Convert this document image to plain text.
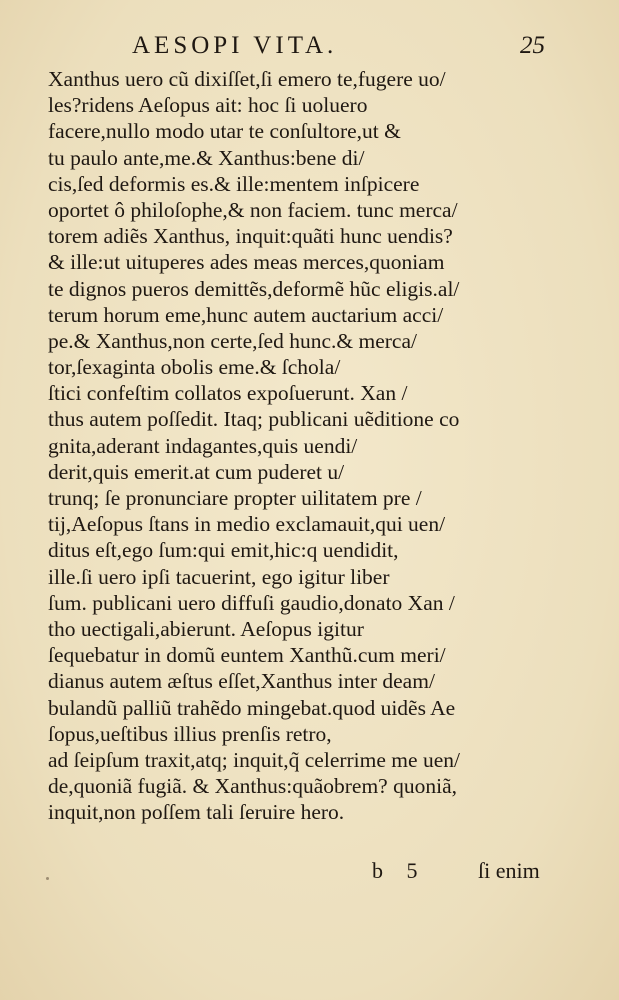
AESOPI VITA.	25
Xanthus uero cũ dixiſſet,ſi emero te,fugere uo/
les?ridens Aeſopus ait: hoc ſi uoluero
facere,nullo modo utar te conſultore,ut &
tu paulo ante,me.& Xanthus:bene di/
cis,ſed deformis es.& ille:mentem inſpicere
oportet ô philoſophe,& non faciem. tunc merca/
torem adiẽs Xanthus, inquit:quãti hunc uendis?
& ille:ut uituperes ades meas merces,quoniam
te dignos pueros demittẽs,deformẽ hũc eligis.al/
terum horum eme,hunc autem auctarium acci/
pe.& Xanthus,non certe,ſed hunc.& merca/
tor,ſexaginta obolis eme.& ſchola/
ſtici confeſtim collatos expoſuerunt. Xan /
thus autem poſſedit. Itaq; publicani uẽditione co
gnita,aderant indagantes,quis uendi/
derit,quis emerit.at cum puderet u/
trunq; ſe pronunciare propter uilitatem pre /
tij,Aeſopus ſtans in medio exclamauit,qui uen/
ditus eſt,ego ſum:qui emit,hic:q uendidit,
ille.ſi uero ipſi tacuerint, ego igitur liber
ſum. publicani uero diffuſi gaudio,donato Xan /
tho uectigali,abierunt. Aeſopus igitur
ſequebatur in domũ euntem Xanthũ.cum meri/
dianus autem æſtus eſſet,Xanthus inter deam/
bulandũ palliũ trahẽdo mingebat.quod uidẽs Ae
ſopus,ueſtibus illius prenſis retro,
ad ſeipſum traxit,atq; inquit,q̃ celerrime me uen/
de,quoniã fugiã. & Xanthus:quãobrem? quoniã,
inquit,non poſſem tali ſeruire hero.
b 5	ſi enim
